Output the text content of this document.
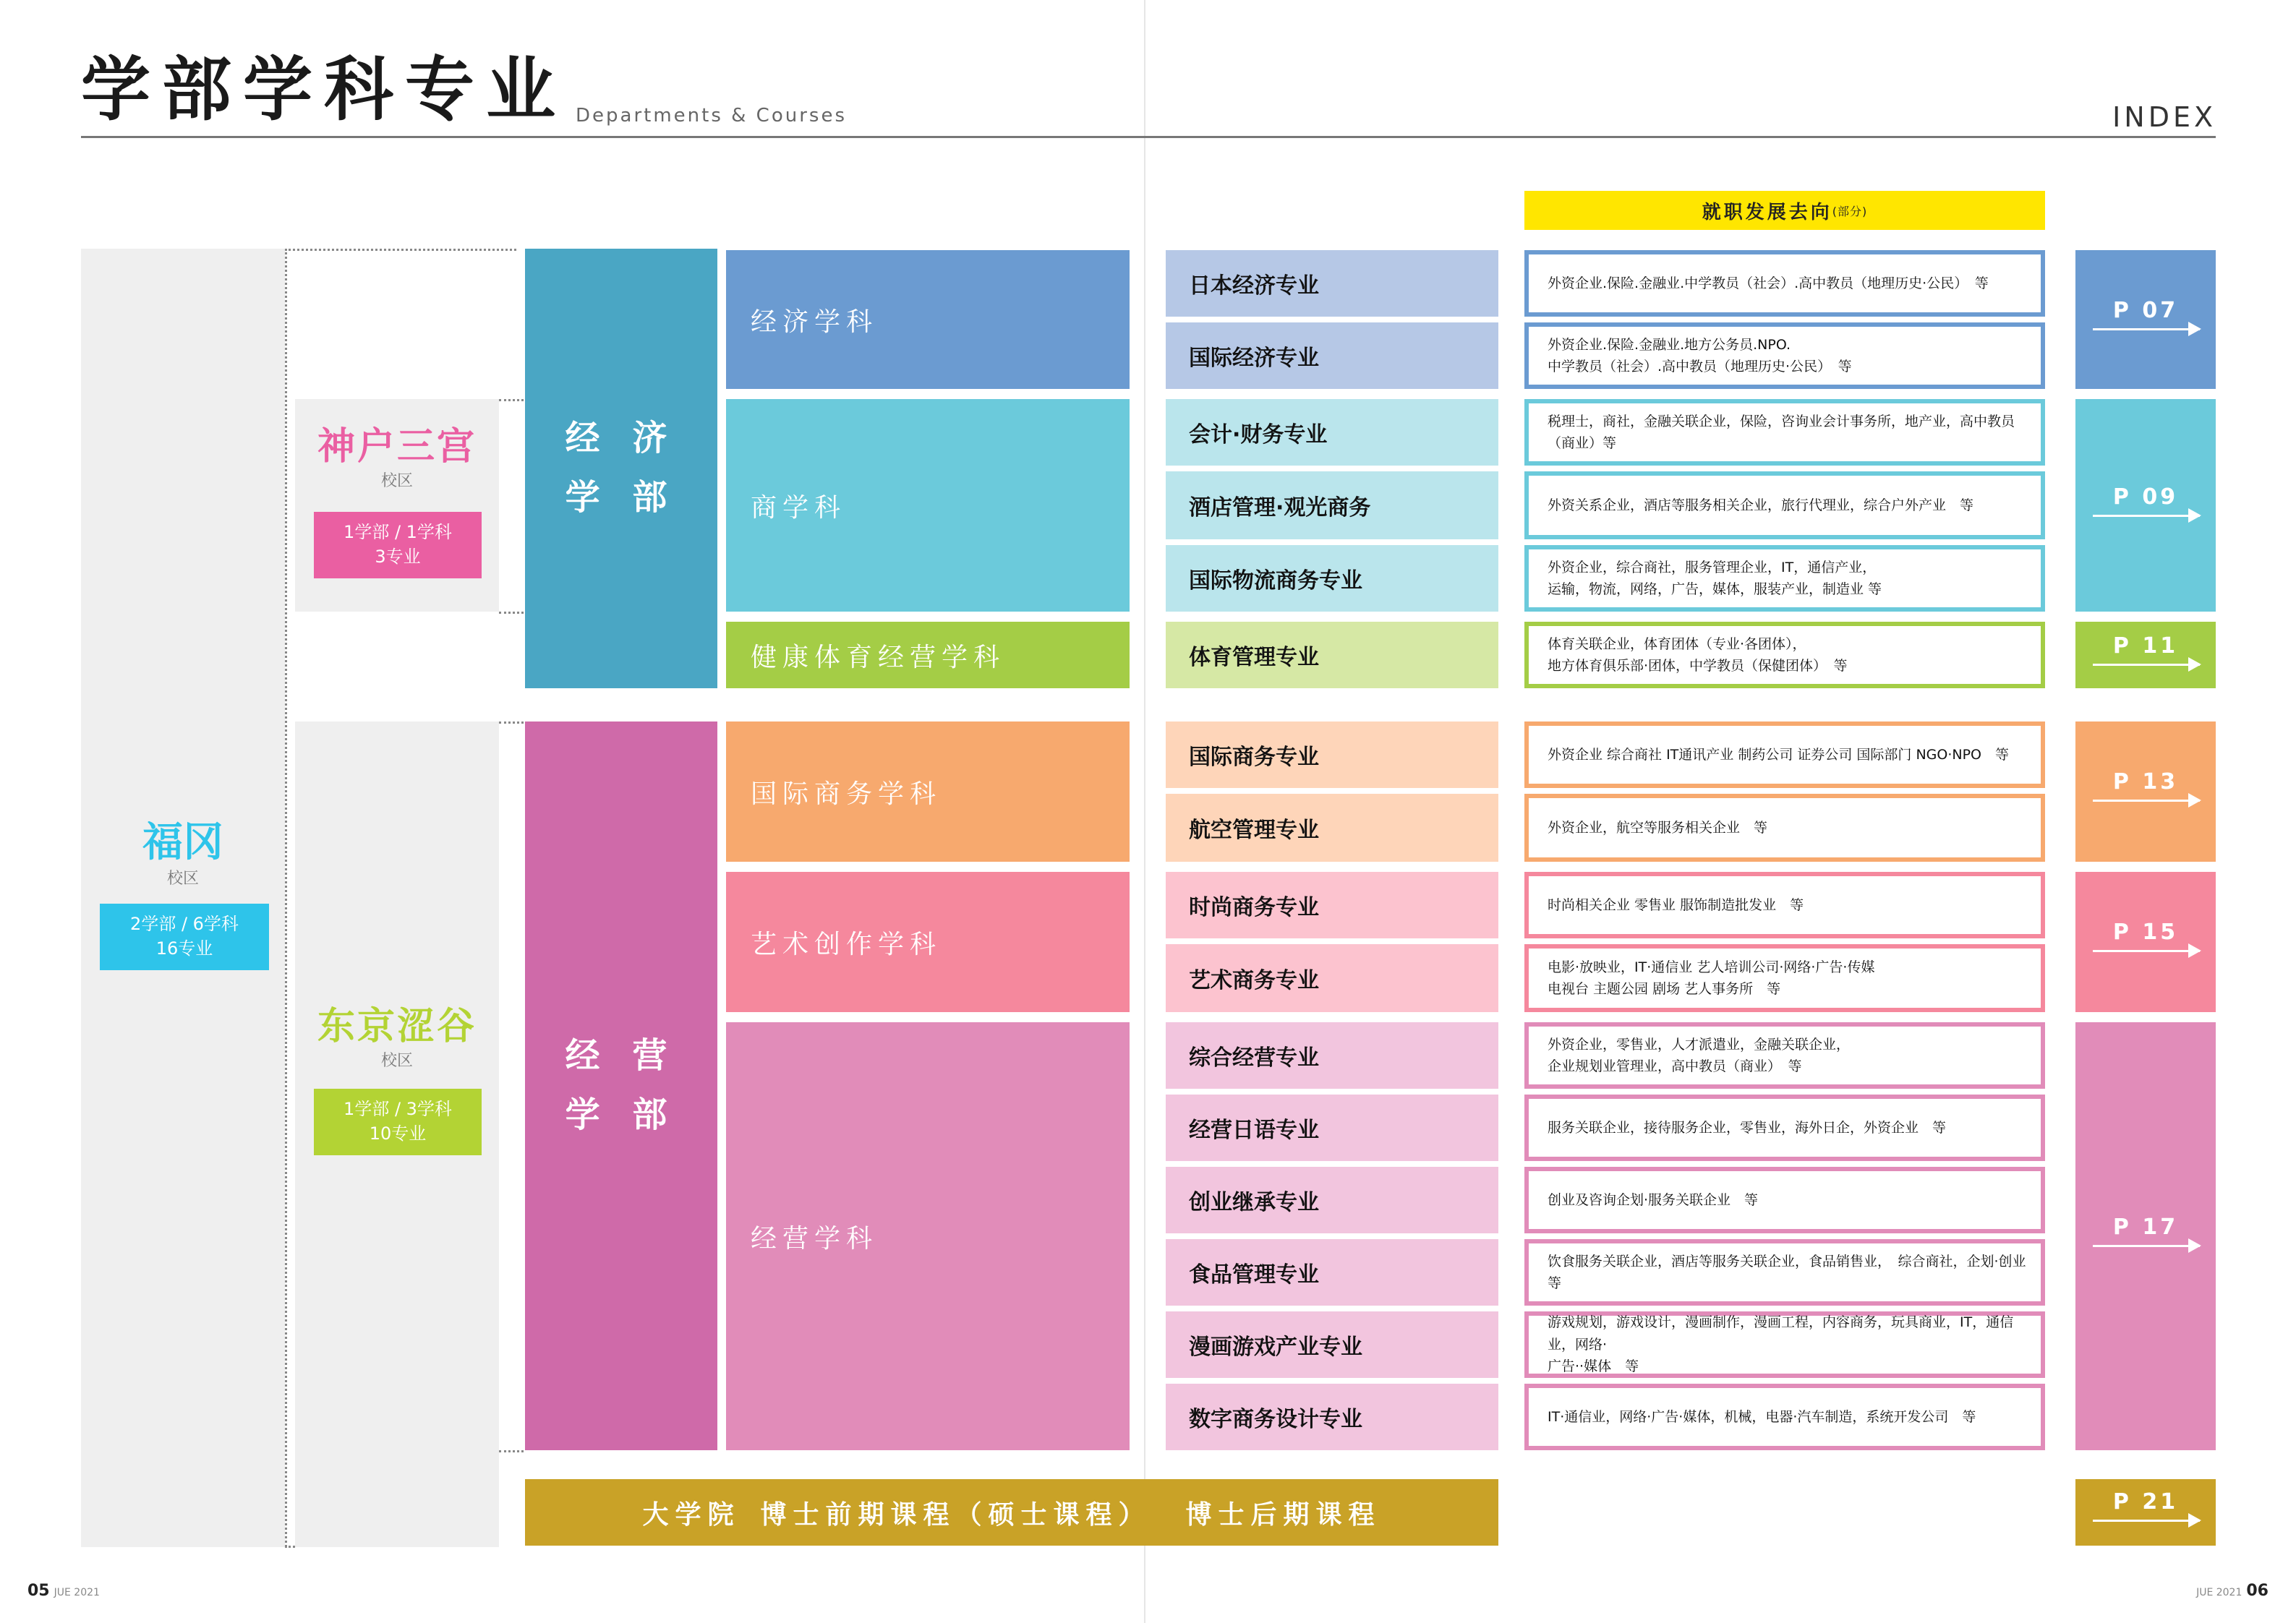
学部学科专业 Departments & Courses	INDEX
就职发展去向 (部分)
福冈
校区
2学部 / 6学科
16专业
神户三宫
校区
1学部 / 1学科
3专业
东京涩谷
校区
1学部 / 3学科
10专业
经 济
学 部
经 营
学 部
经济学科
商学科
健康体育经营学科
国际商务学科
艺术创作学科
经营学科
日本经济专业
国际经济专业
会计·财务专业
酒店管理·观光商务
国际物流商务专业
体育管理专业
国际商务专业
航空管理专业
时尚商务专业
艺术商务专业
综合经营专业
经营日语专业
创业继承专业
食品管理专业
漫画游戏产业专业
数字商务设计专业
外资企业.保险.金融业.中学教员（社会）.高中教员（地理历史·公民）　等
外资企业.保险.金融业.地方公务员.NPO.
中学教员（社会）.高中教员（地理历史·公民）　等
税理士，商社，金融关联企业，保险，咨询业会计事务所，地产业，高中教员（商业）等
外资关系企业，酒店等服务相关企业，旅行代理业，综合户外产业　等
外资企业，综合商社，服务管理企业，IT，通信产业，
运输，物流，网络，广告，媒体，服装产业，制造业 等
体育关联企业，体育团体（专业·各团体），
地方体育俱乐部·团体，中学教员（保健团体）　等
外资企业 综合商社 IT通讯产业 制药公司 证券公司 国际部门 NGO·NPO　等
外资企业，航空等服务相关企业　等
时尚相关企业 零售业 服饰制造批发业　等
电影·放映业，IT·通信业 艺人培训公司·网络·广告·传媒
电视台 主题公园 剧场 艺人事务所　等
外资企业，零售业，人才派遣业，金融关联企业，
企业规划业管理业，高中教员（商业）　等
服务关联企业，接待服务企业，零售业，海外日企，外资企业　等
创业及咨询企划·服务关联企业　等
饮食服务关联企业，酒店等服务关联企业，食品销售业，　综合商社，企划·创业　等
游戏规划，游戏设计，漫画制作，漫画工程，内容商务，玩具商业，IT，通信业，网络·
广告··媒体　等
IT·通信业，网络·广告·媒体，机械，电器·汽车制造，系统开发公司　等
P 07
P 09
P 11
P 13
P 15
P 17
P 21
大学院 博士前期课程（硕士课程） 博士后期课程
05 JUE 2021	JUE 2021 06
